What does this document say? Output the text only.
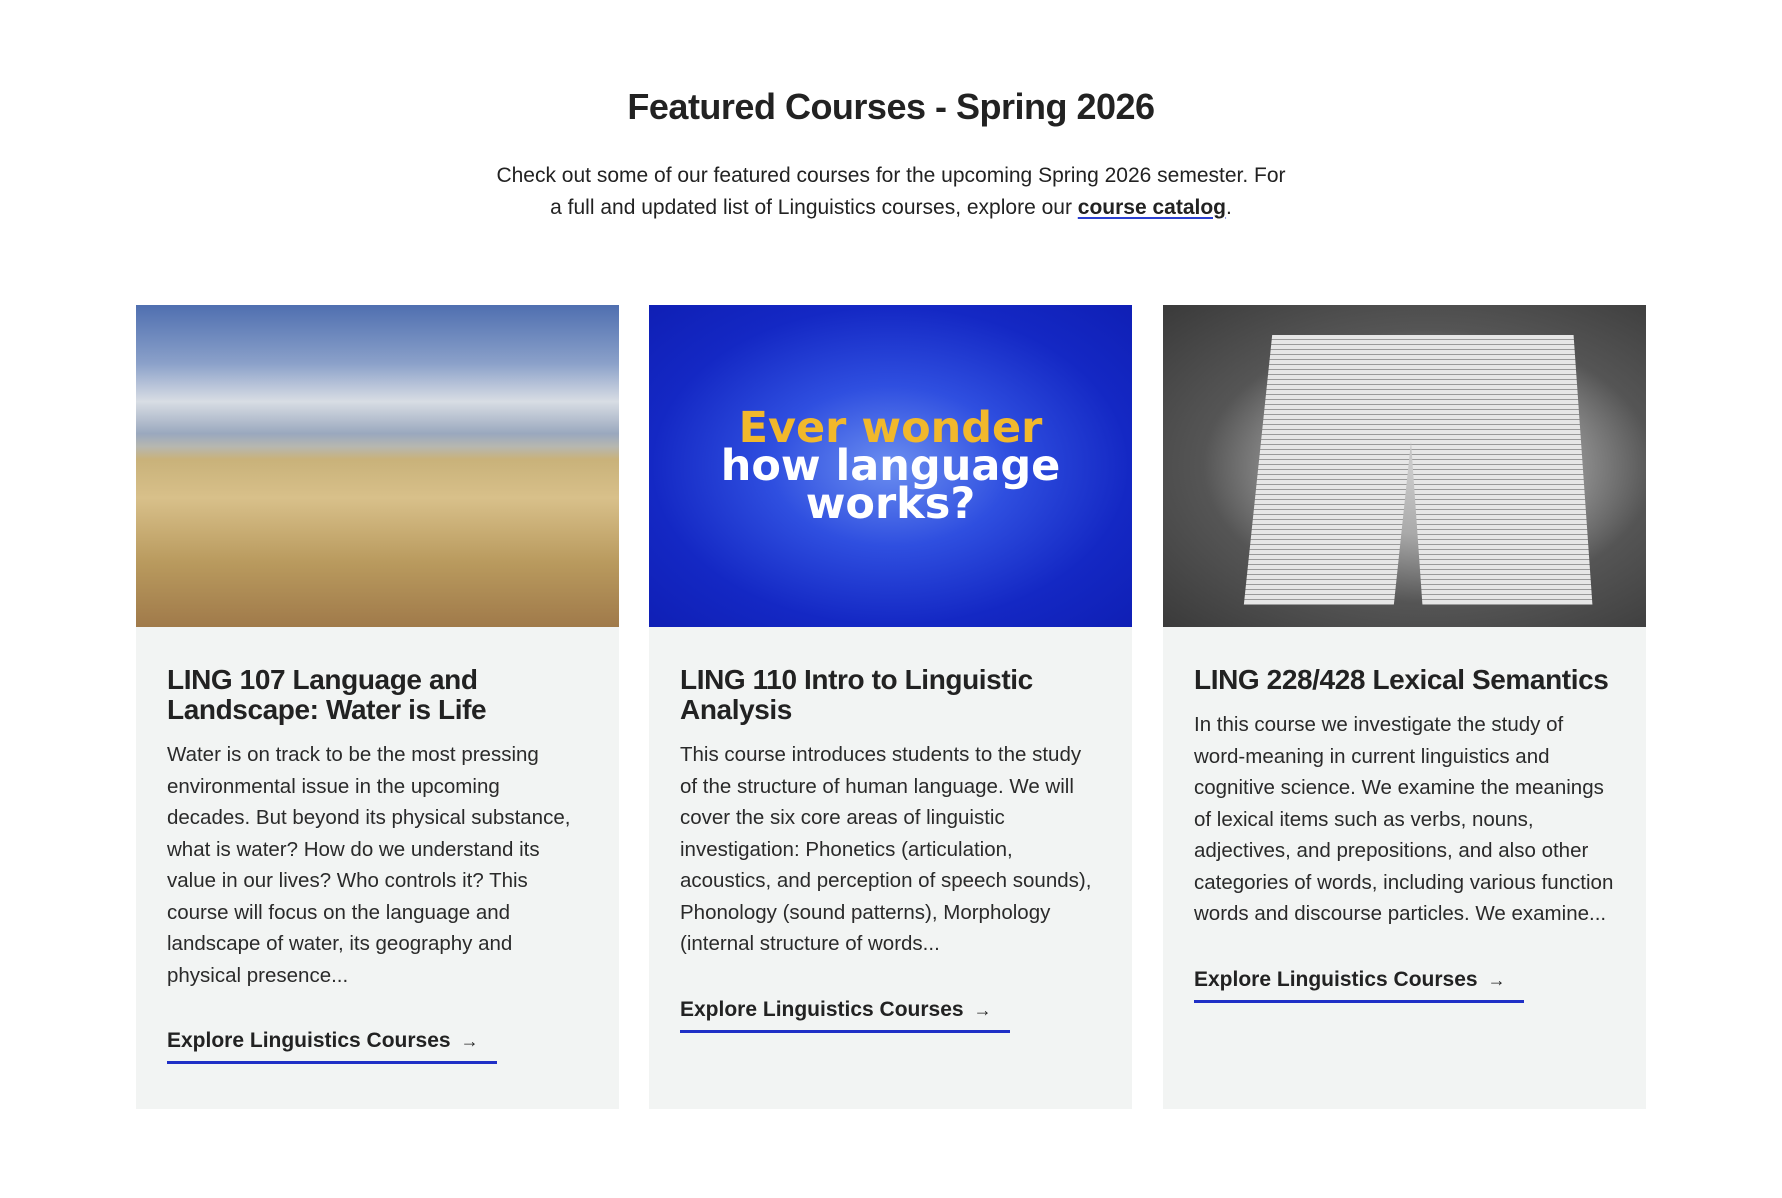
Featured Courses - Spring 2026

Check out some of our featured courses for the upcoming Spring 2026 semester. For a full and updated list of Linguistics courses, explore our course catalog.

LING 107 Language and Landscape: Water is Life

Water is on track to be the most pressing environmental issue in the upcoming decades. But beyond its physical substance, what is water? How do we understand its value in our lives? Who controls it? This course will focus on the language and landscape of water, its geography and physical presence...

Explore Linguistics Courses →
Ever wonder
how language
works?
LING 110 Intro to Linguistic Analysis

This course introduces students to the study of the structure of human language. We will cover the six core areas of linguistic investigation: Phonetics (articulation, acoustics, and perception of speech sounds), Phonology (sound patterns), Morphology (internal structure of words...

Explore Linguistics Courses →
LING 228/428 Lexical Semantics

In this course we investigate the study of word-meaning in current linguistics and cognitive science. We examine the meanings of lexical items such as verbs, nouns, adjectives, and prepositions, and also other categories of words, including various function words and discourse particles. We examine...

Explore Linguistics Courses →
